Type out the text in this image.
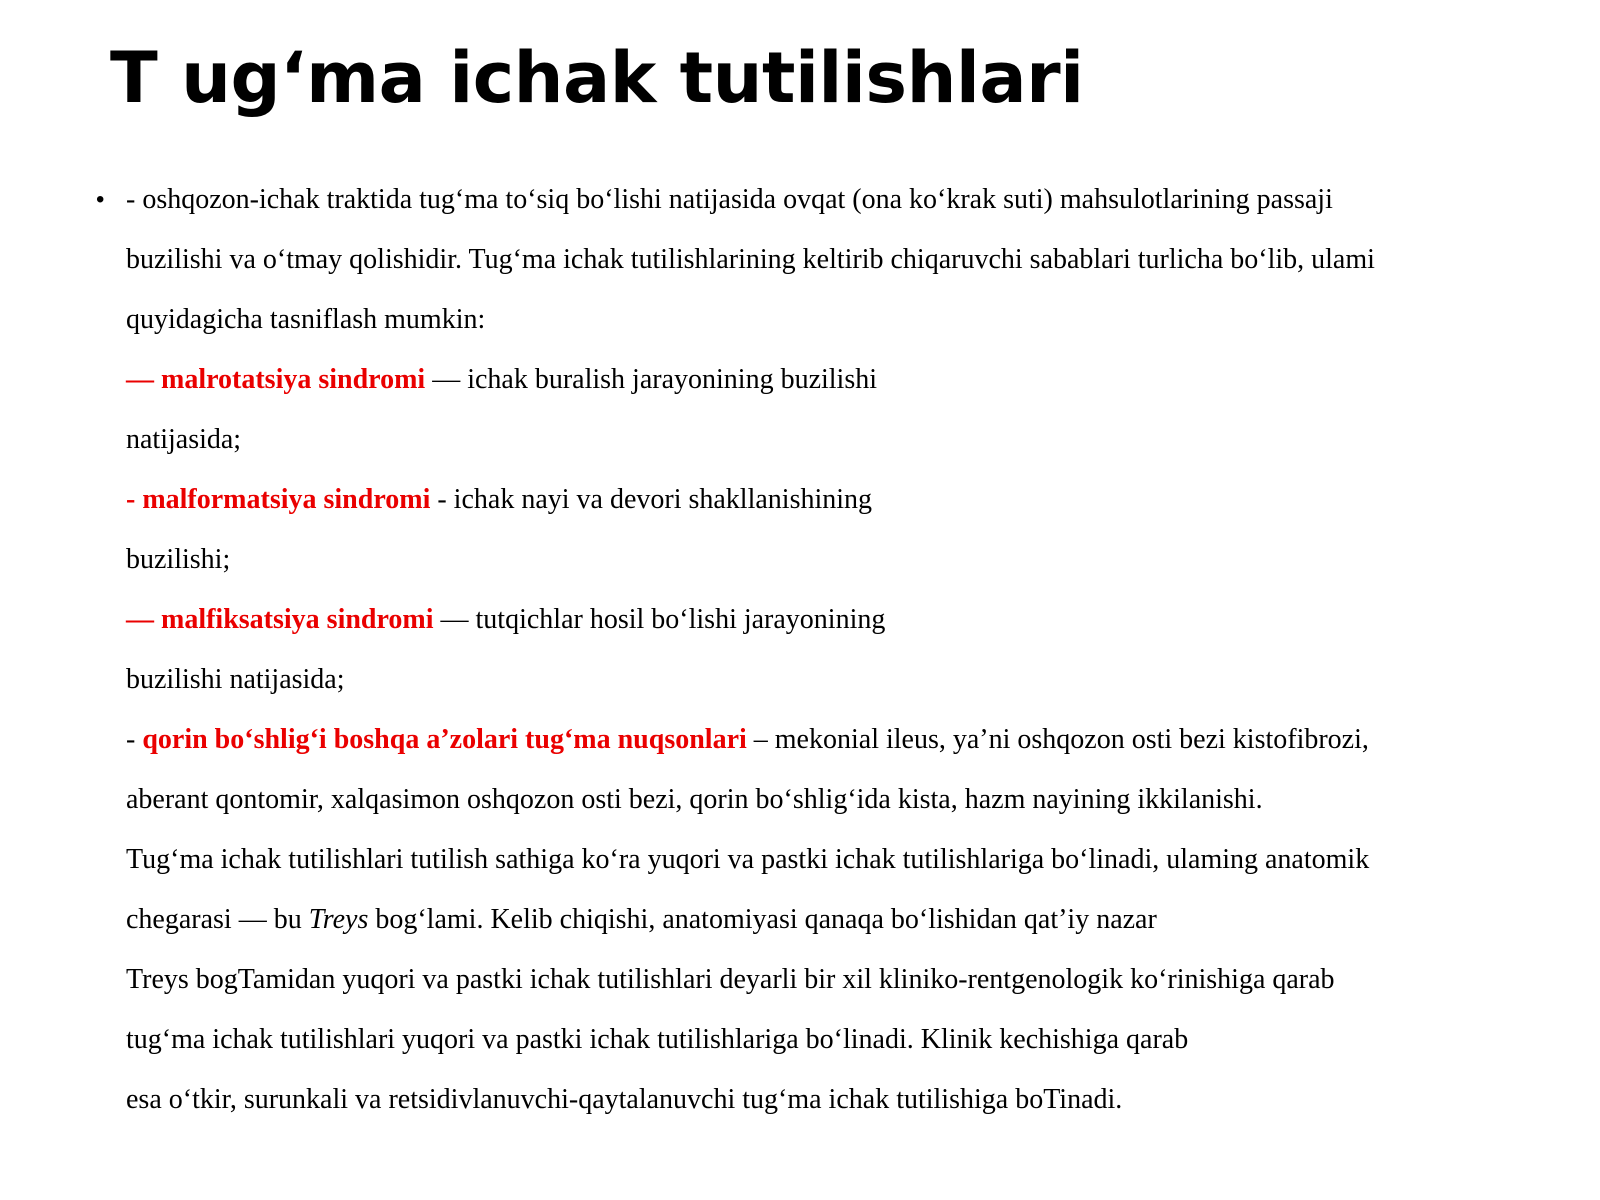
T ug‘ma ichak tutilishlari
• - oshqozon-ichak traktida tug‘ma to‘siq bo‘lishi natijasida ovqat (ona ko‘krak suti) mahsulotlarining passaji
buzilishi va o‘tmay qolishidir. Tug‘ma ichak tutilishlarining keltirib chiqaruvchi sabablari turlicha bo‘lib, ulami
quyidagicha tasniflash mumkin:
— malrotatsiya sindromi — ichak buralish jarayonining buzilishi
natijasida;
- malformatsiya sindromi - ichak nayi va devori shakllanishining
buzilishi;
— malfiksatsiya sindromi — tutqichlar hosil bo‘lishi jarayonining
buzilishi natijasida;
- qorin bo‘shlig‘i boshqa a’zolari tug‘ma nuqsonlari – mekonial ileus, ya’ni oshqozon osti bezi kistofibrozi,
aberant qontomir, xalqasimon oshqozon osti bezi, qorin bo‘shlig‘ida kista, hazm nayining ikkilanishi.
Tug‘ma ichak tutilishlari tutilish sathiga ko‘ra yuqori va pastki ichak tutilishlariga bo‘linadi, ulaming anatomik
chegarasi — bu Treys bog‘lami. Kelib chiqishi, anatomiyasi qanaqa bo‘lishidan qat’iy nazar
Treys bogTamidan yuqori va pastki ichak tutilishlari deyarli bir xil kliniko-rentgenologik ko‘rinishiga qarab
tug‘ma ichak tutilishlari yuqori va pastki ichak tutilishlariga bo‘linadi. Klinik kechishiga qarab
esa o‘tkir, surunkali va retsidivlanuvchi-qaytalanuvchi tug‘ma ichak tutilishiga boTinadi.
